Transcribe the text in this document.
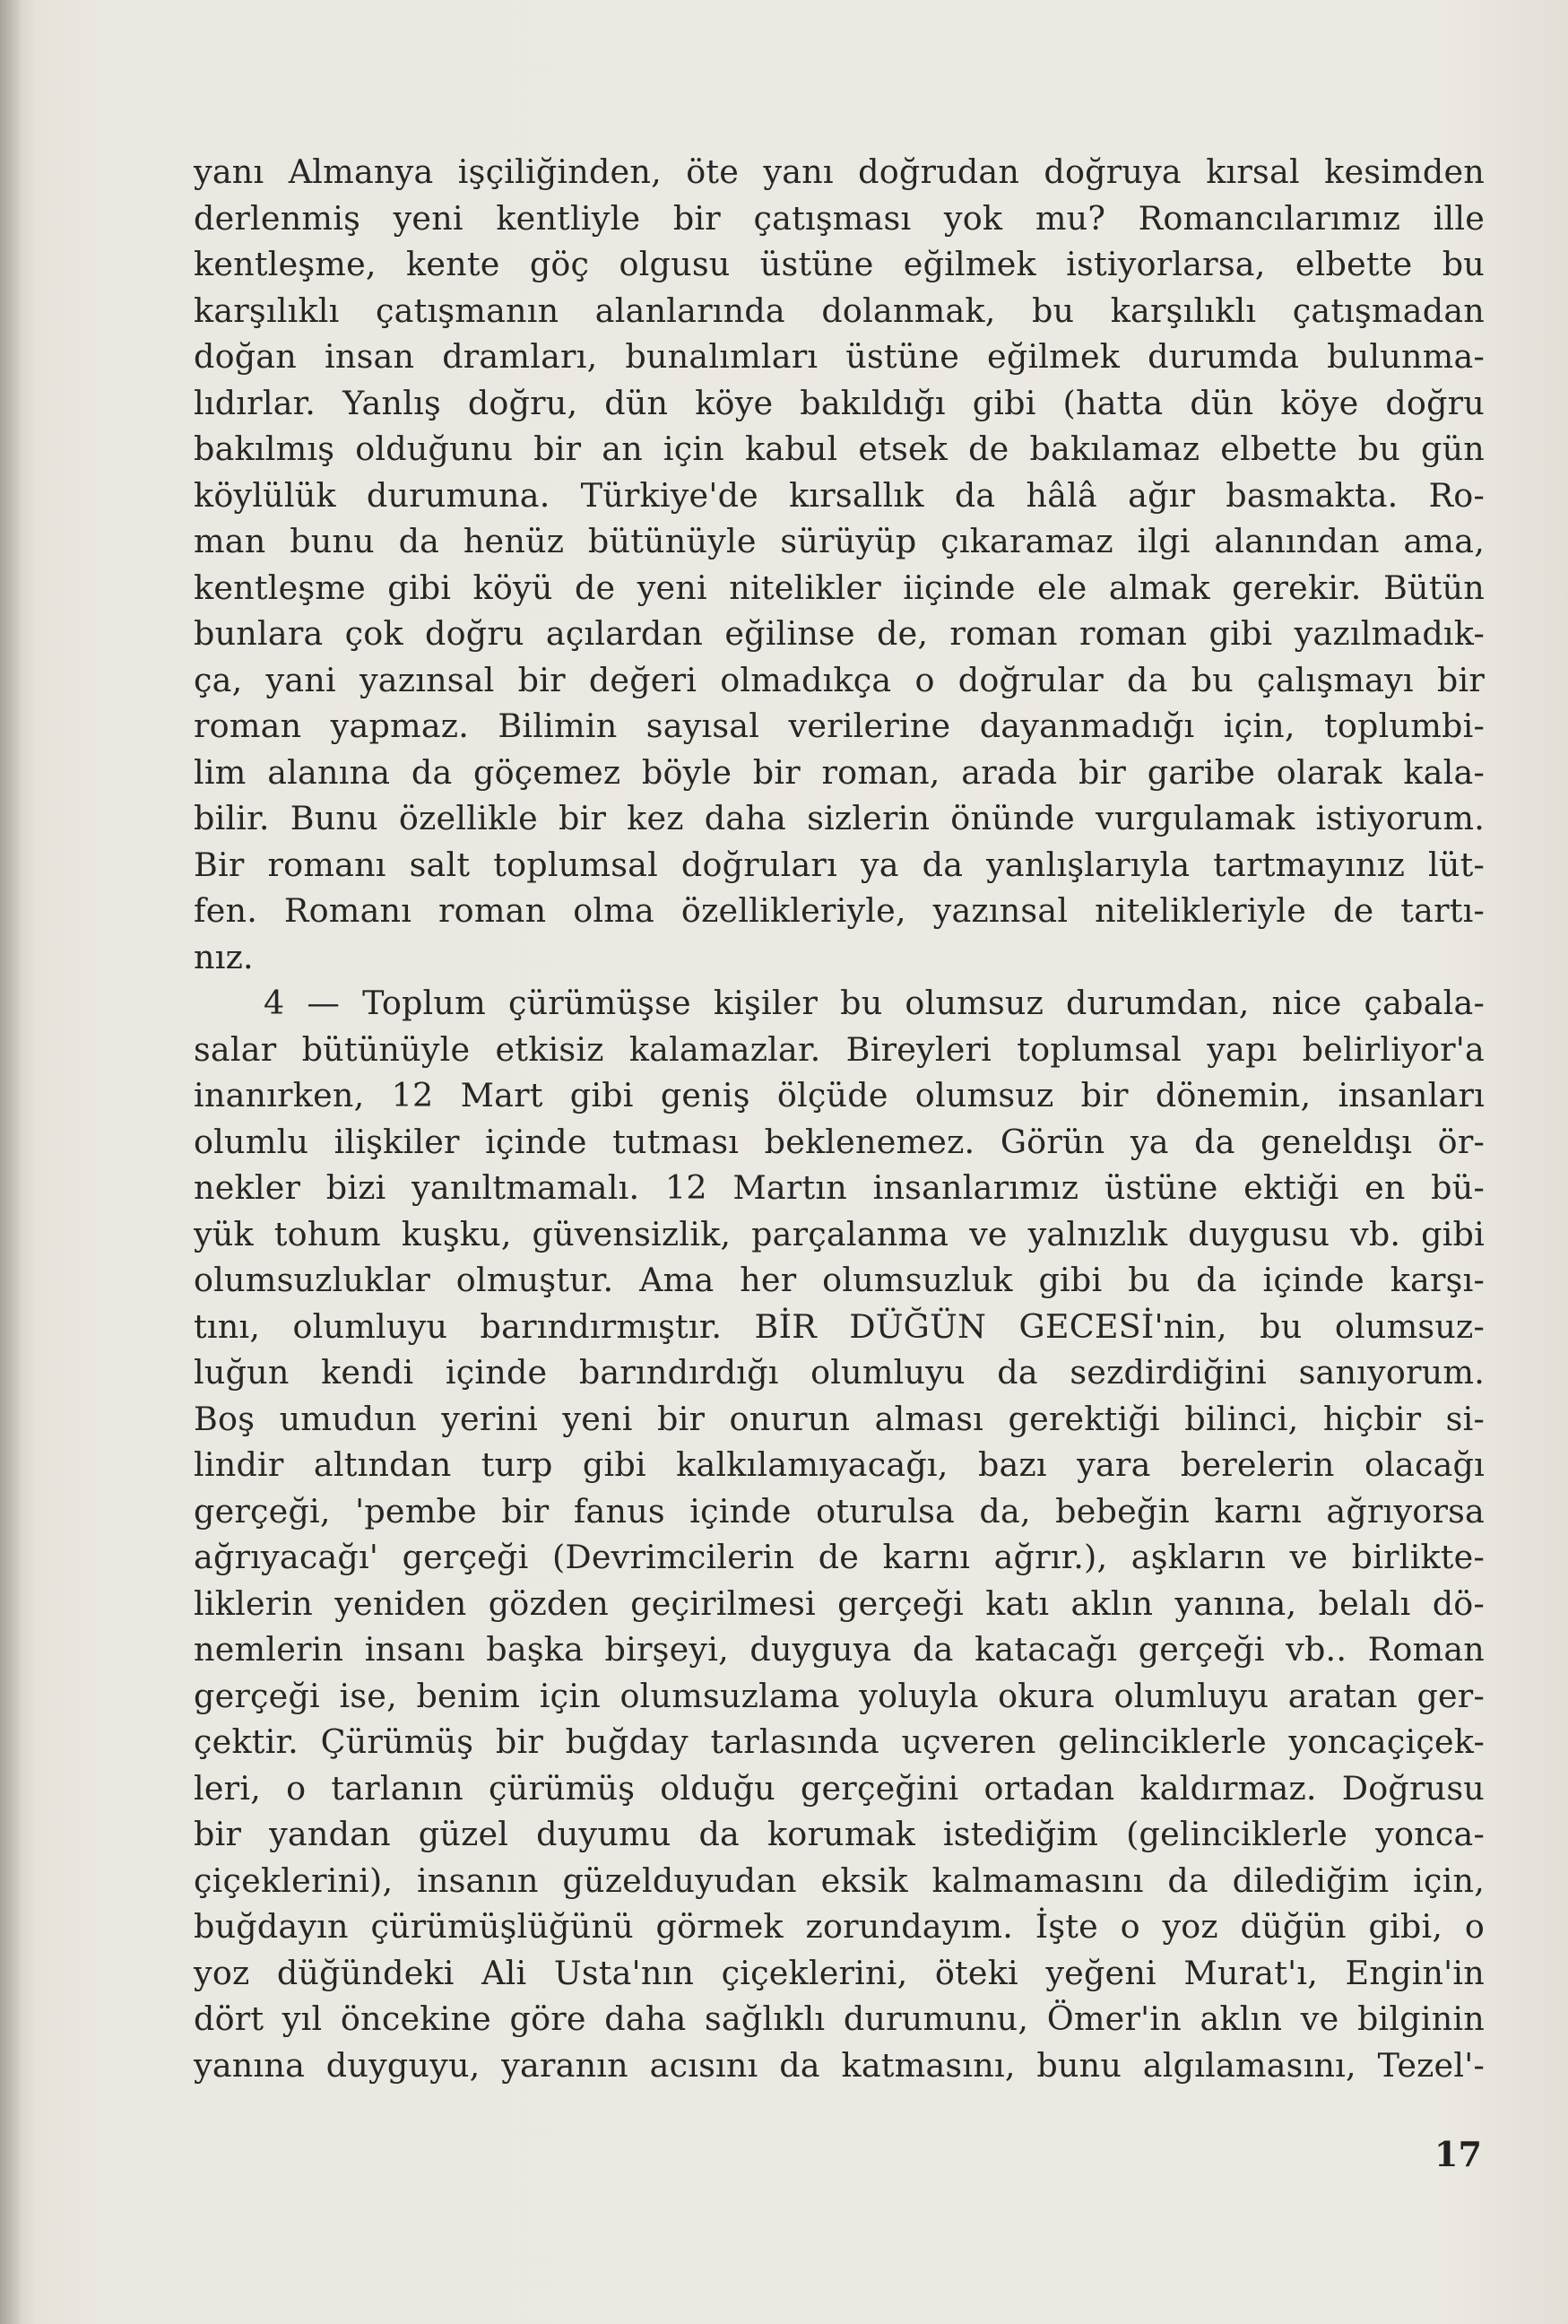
yanı Almanya işçiliğinden, öte yanı doğrudan doğruya kırsal kesimden
derlenmiş yeni kentliyle bir çatışması yok mu? Romancılarımız ille
kentleşme, kente göç olgusu üstüne eğilmek istiyorlarsa, elbette bu
karşılıklı çatışmanın alanlarında dolanmak, bu karşılıklı çatışmadan
doğan insan dramları, bunalımları üstüne eğilmek durumda bulunma-
lıdırlar. Yanlış doğru, dün köye bakıldığı gibi (hatta dün köye doğru
bakılmış olduğunu bir an için kabul etsek de bakılamaz elbette bu gün
köylülük durumuna. Türkiye'de kırsallık da hâlâ ağır basmakta. Ro-
man bunu da henüz bütünüyle sürüyüp çıkaramaz ilgi alanından ama,
kentleşme gibi köyü de yeni nitelikler iiçinde ele almak gerekir. Bütün
bunlara çok doğru açılardan eğilinse de, roman roman gibi yazılmadık-
ça, yani yazınsal bir değeri olmadıkça o doğrular da bu çalışmayı bir
roman yapmaz. Bilimin sayısal verilerine dayanmadığı için, toplumbi-
lim alanına da göçemez böyle bir roman, arada bir garibe olarak kala-
bilir. Bunu özellikle bir kez daha sizlerin önünde vurgulamak istiyorum.
Bir romanı salt toplumsal doğruları ya da yanlışlarıyla tartmayınız lüt-
fen. Romanı roman olma özellikleriyle, yazınsal nitelikleriyle de tartı-
nız.
4 — Toplum çürümüşse kişiler bu olumsuz durumdan, nice çabala-
salar bütünüyle etkisiz kalamazlar. Bireyleri toplumsal yapı belirliyor'a
inanırken, 12 Mart gibi geniş ölçüde olumsuz bir dönemin, insanları
olumlu ilişkiler içinde tutması beklenemez. Görün ya da geneldışı ör-
nekler bizi yanıltmamalı. 12 Martın insanlarımız üstüne ektiği en bü-
yük tohum kuşku, güvensizlik, parçalanma ve yalnızlık duygusu vb. gibi
olumsuzluklar olmuştur. Ama her olumsuzluk gibi bu da içinde karşı-
tını, olumluyu barındırmıştır. BİR DÜĞÜN GECESİ'nin, bu olumsuz-
luğun kendi içinde barındırdığı olumluyu da sezdirdiğini sanıyorum.
Boş umudun yerini yeni bir onurun alması gerektiği bilinci, hiçbir si-
lindir altından turp gibi kalkılamıyacağı, bazı yara berelerin olacağı
gerçeği, 'pembe bir fanus içinde oturulsa da, bebeğin karnı ağrıyorsa
ağrıyacağı' gerçeği (Devrimcilerin de karnı ağrır.), aşkların ve birlikte-
liklerin yeniden gözden geçirilmesi gerçeği katı aklın yanına, belalı dö-
nemlerin insanı başka birşeyi, duyguya da katacağı gerçeği vb.. Roman
gerçeği ise, benim için olumsuzlama yoluyla okura olumluyu aratan ger-
çektir. Çürümüş bir buğday tarlasında uçveren gelinciklerle yoncaçiçek-
leri, o tarlanın çürümüş olduğu gerçeğini ortadan kaldırmaz. Doğrusu
bir yandan güzel duyumu da korumak istediğim (gelinciklerle yonca-
çiçeklerini), insanın güzelduyudan eksik kalmamasını da dilediğim için,
buğdayın çürümüşlüğünü görmek zorundayım. İşte o yoz düğün gibi, o
yoz düğündeki Ali Usta'nın çiçeklerini, öteki yeğeni Murat'ı, Engin'in
dört yıl öncekine göre daha sağlıklı durumunu, Ömer'in aklın ve bilginin
yanına duyguyu, yaranın acısını da katmasını, bunu algılamasını, Tezel'-
17
